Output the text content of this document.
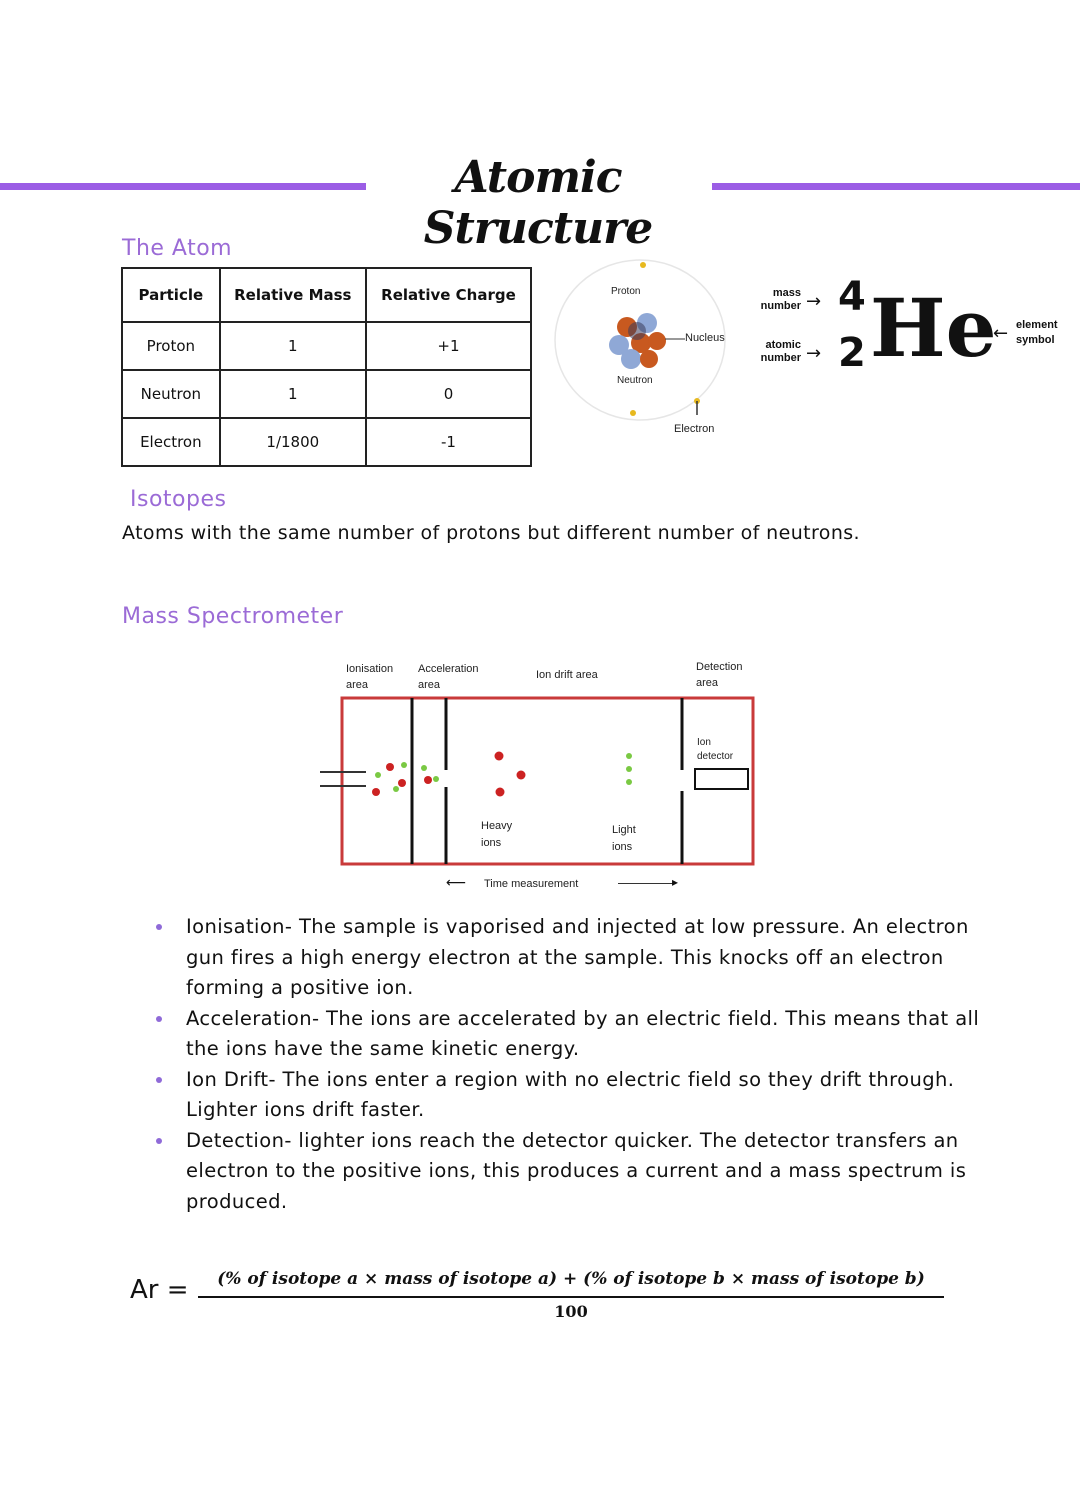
Atomic Structure
The Atom
Particle	Relative Mass	Relative Charge
Proton	1	+1
Neutron	1	0
Electron	1/1800	-1
Proton
Nucleus
Neutron
Electron
mass number → 4
atomic number → 2 He
← element symbol
Isotopes
Atoms with the same number of protons but different number of neutrons.
Mass Spectrometer
Ionisation area
Acceleration area
Ion drift area
Detection area
Ion detector
Heavy ions
Light ions
⟵ Time measurement	▸
Ionisation- The sample is vaporised and injected at low pressure. An electron gun fires a high energy electron at the sample. This knocks off an electron forming a positive ion.
Acceleration- The ions are accelerated by an electric field. This means that all the ions have the same kinetic energy.
Ion Drift- The ions enter a region with no electric field so they drift through. Lighter ions drift faster.
Detection- lighter ions reach the detector quicker. The detector transfers an electron to the positive ions, this produces a current and a mass spectrum is produced.
Ar =	(% of isotope a × mass of isotope a) + (% of isotope b × mass of isotope b)
100
